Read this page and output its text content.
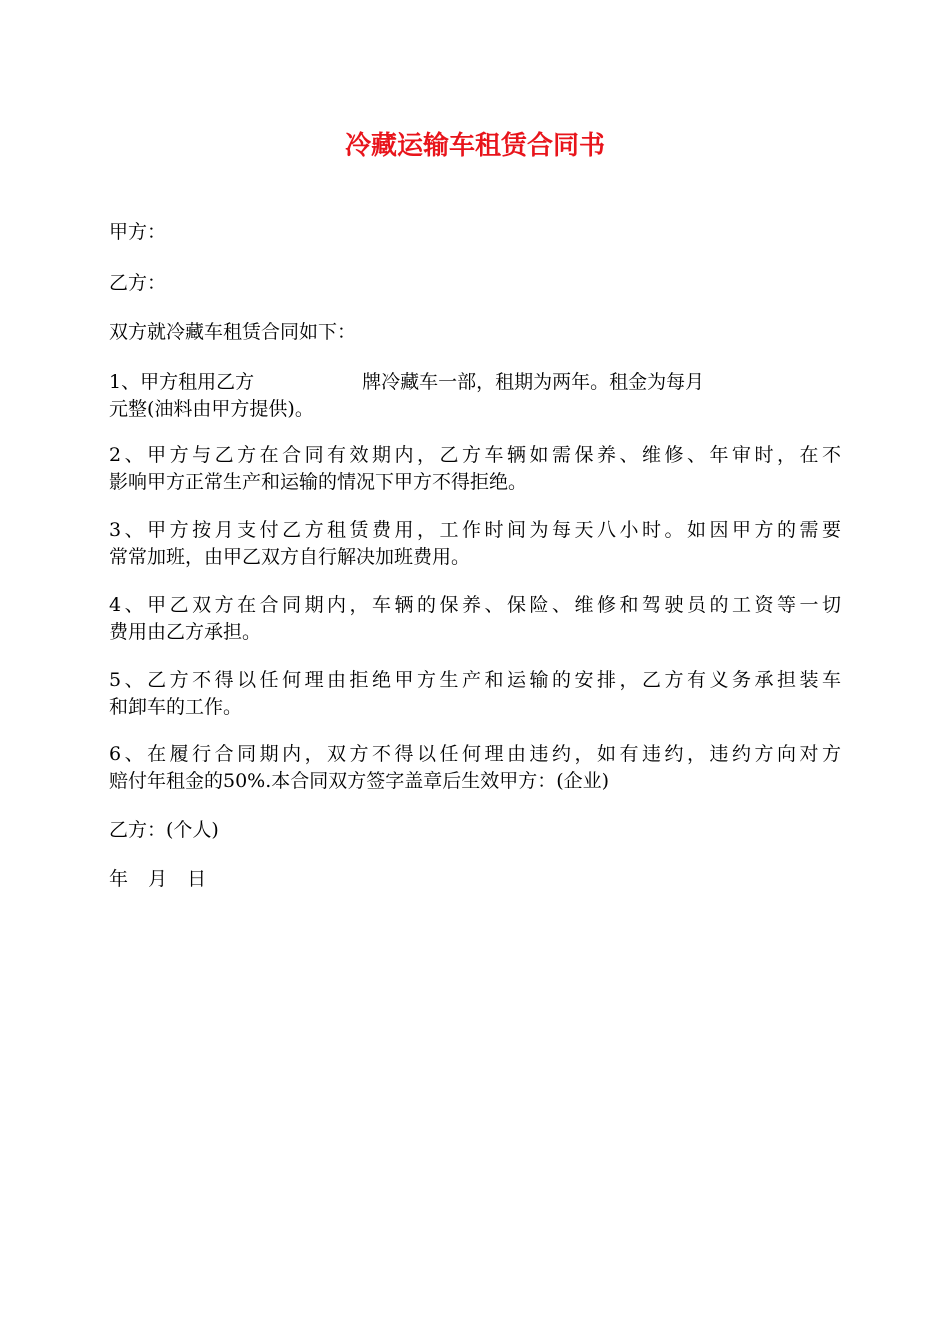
冷藏运输车租赁合同书
甲方：
乙方：
双方就冷藏车租赁合同如下：
1、甲方租用乙方	牌冷藏车一部，租期为两年。租金为每月
元整(油料由甲方提供)。
2、甲方与乙方在合同有效期内，乙方车辆如需保养、维修、年审时，在不
影响甲方正常生产和运输的情况下甲方不得拒绝。
3、甲方按月支付乙方租赁费用，工作时间为每天八小时。如因甲方的需要
常常加班，由甲乙双方自行解决加班费用。
4、甲乙双方在合同期内，车辆的保养、保险、维修和驾驶员的工资等一切
费用由乙方承担。
5、乙方不得以任何理由拒绝甲方生产和运输的安排，乙方有义务承担装车
和卸车的工作。
6、在履行合同期内，双方不得以任何理由违约，如有违约，违约方向对方
赔付年租金的50%.本合同双方签字盖章后生效甲方：(企业)
乙方：(个人)
年 月 日
